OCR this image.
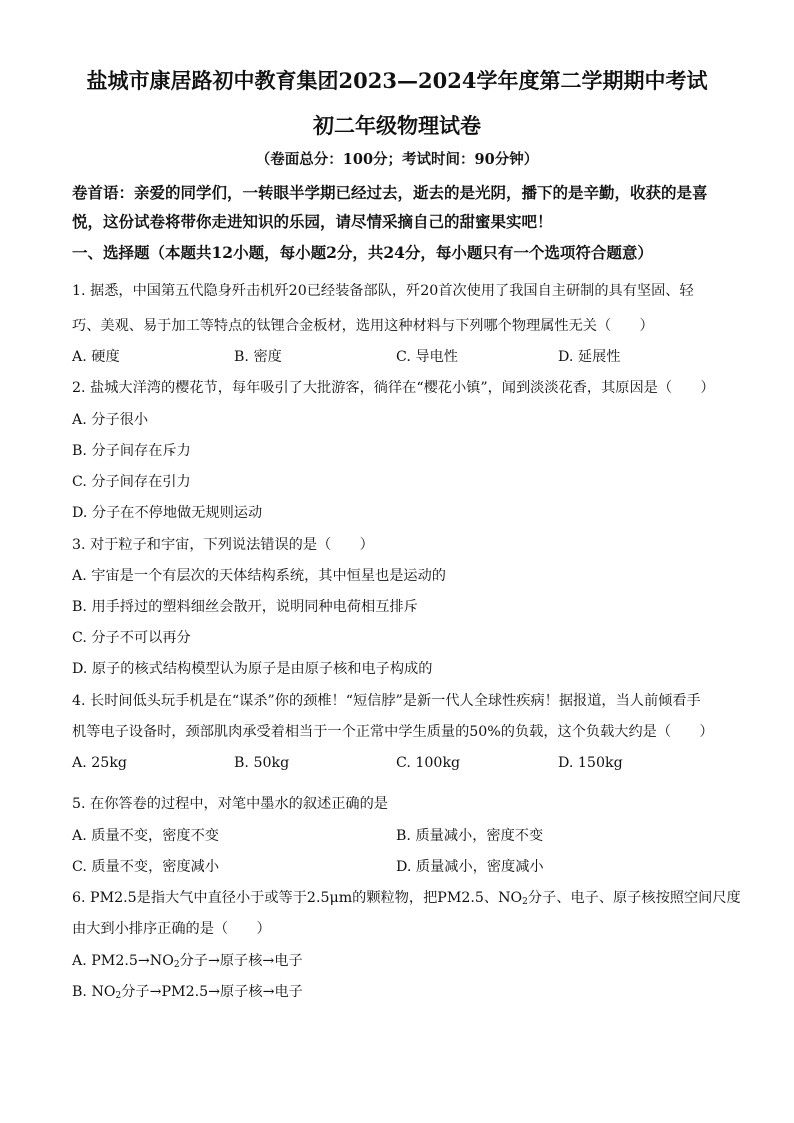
盐城市康居路初中教育集团2023—2024学年度第二学期期中考试
初二年级物理试卷
（卷面总分：100分；考试时间：90分钟）
卷首语：亲爱的同学们，一转眼半学期已经过去，逝去的是光阴，播下的是辛勤，收获的是喜悦，这份试卷将带你走进知识的乐园，请尽情采摘自己的甜蜜果实吧！
一、选择题（本题共12小题，每小题2分，共24分，每小题只有一个选项符合题意）
1. 据悉，中国第五代隐身歼击机歼20已经装备部队，歼20首次使用了我国自主研制的具有坚固、轻
巧、美观、易于加工等特点的钛锂合金板材，选用这种材料与下列哪个物理属性无关（　　）
A. 硬度	B. 密度	C. 导电性	D. 延展性
2. 盐城大洋湾的樱花节，每年吸引了大批游客，徜徉在“樱花小镇”，闻到淡淡花香，其原因是（　　）
A. 分子很小
B. 分子间存在斥力
C. 分子间存在引力
D. 分子在不停地做无规则运动
3. 对于粒子和宇宙，下列说法错误的是（　　）
A. 宇宙是一个有层次的天体结构系统，其中恒星也是运动的
B. 用手捋过的塑料细丝会散开，说明同种电荷相互排斥
C. 分子不可以再分
D. 原子的核式结构模型认为原子是由原子核和电子构成的
4. 长时间低头玩手机是在“谋杀”你的颈椎！“短信脖”是新一代人全球性疾病！据报道，当人前倾看手
机等电子设备时，颈部肌肉承受着相当于一个正常中学生质量的50%的负载，这个负载大约是（　　）
A. 25kg	B. 50kg	C. 100kg	D. 150kg
5. 在你答卷的过程中，对笔中墨水的叙述正确的是
A. 质量不变，密度不变	B. 质量减小，密度不变
C. 质量不变，密度减小	D. 质量减小，密度减小
6. PM2.5是指大气中直径小于或等于2.5μm的颗粒物，把PM2.5、$NO_2$分子、电子、原子核按照空间尺度
由大到小排序正确的是（　　）
A. $PM2.5\to NO_2$分子→原子核→电子
B. $NO_2$分子→PM2.5→原子核→电子
